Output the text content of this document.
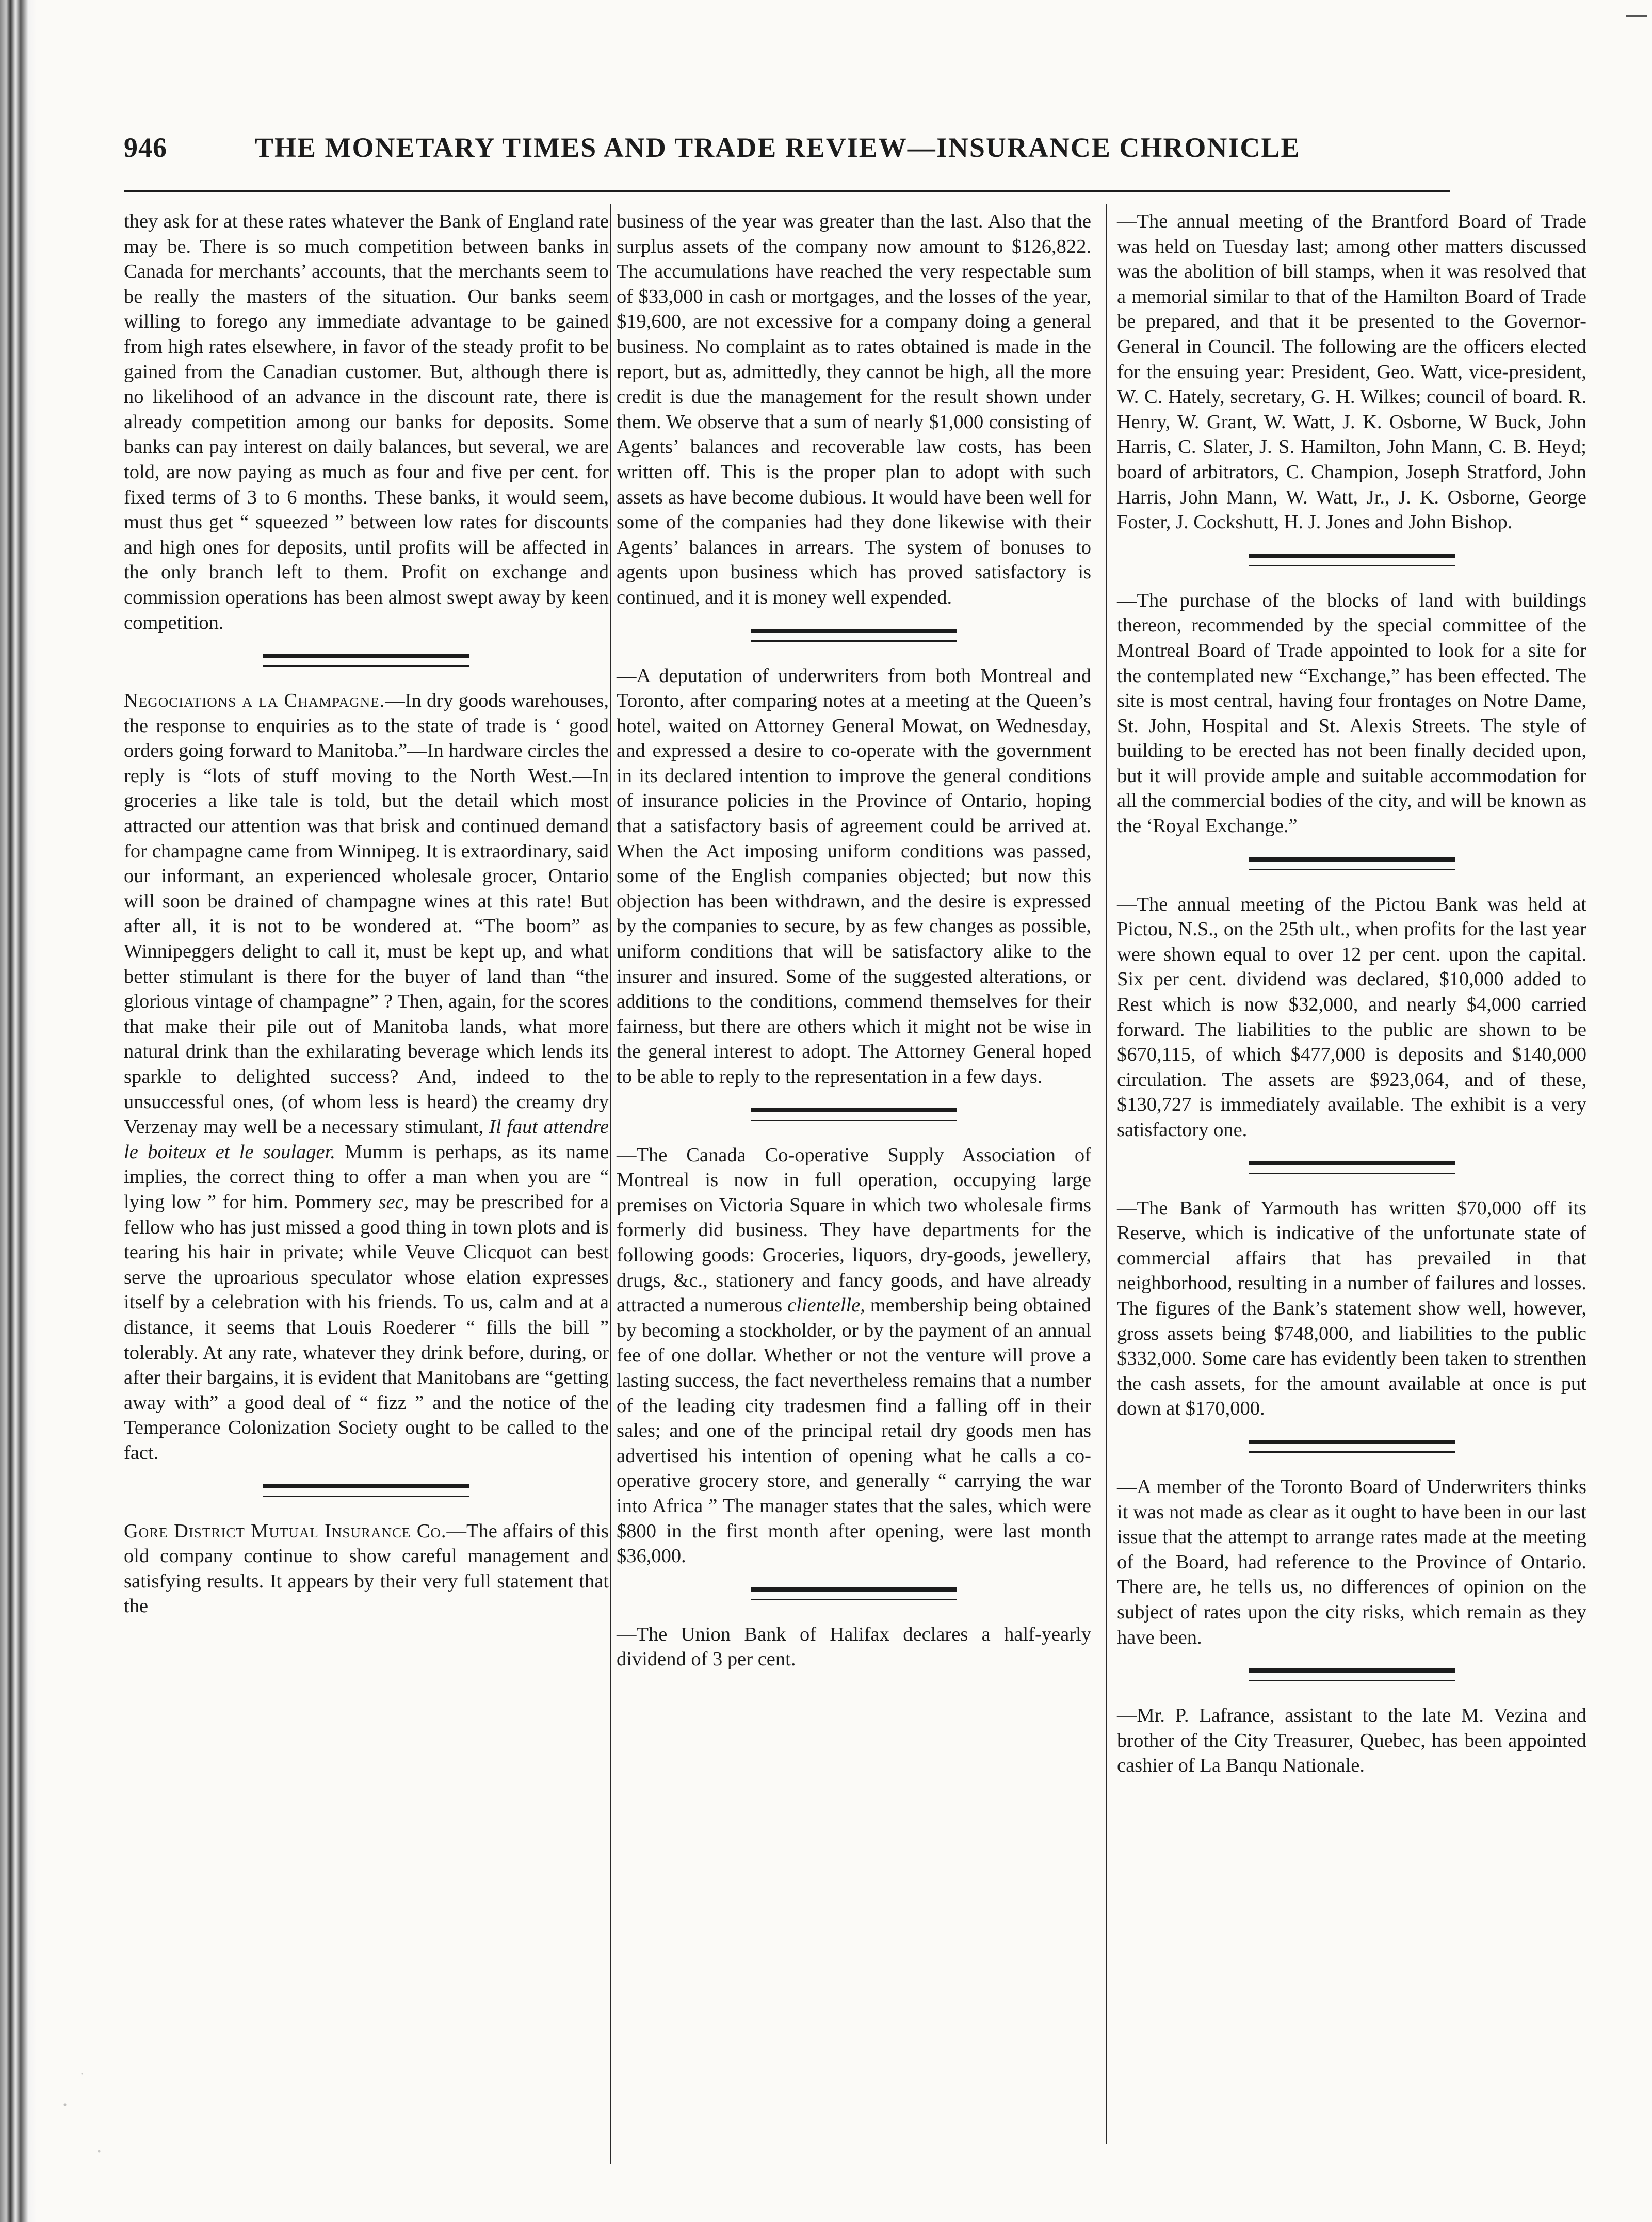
946	THE MONETARY TIMES AND TRADE REVIEW—INSURANCE CHRONICLE

they ask for at these rates whatever the Bank of England rate may be. There is so much competition between banks in Canada for merchants’ accounts, that the merchants seem to be really the masters of the situation. Our banks seem willing to forego any immediate advantage to be gained from high rates elsewhere, in favor of the steady profit to be gained from the Canadian customer. But, although there is no likelihood of an advance in the discount rate, there is already competition among our banks for deposits. Some banks can pay interest on daily balances, but several, we are told, are now paying as much as four and five per cent. for fixed terms of 3 to 6 months. These banks, it would seem, must thus get “ squeezed ” between low rates for discounts and high ones for deposits, until profits will be affected in the only branch left to them. Profit on exchange and commission operations has been almost swept away by keen competition.

Negociations a la Champagne.—In dry goods warehouses, the response to enquiries as to the state of trade is ‘ good orders going forward to Manitoba.”—In hardware circles the reply is “lots of stuff moving to the North West.—In groceries a like tale is told, but the detail which most attracted our attention was that brisk and continued demand for champagne came from Winnipeg. It is extraordinary, said our informant, an experienced wholesale grocer, Ontario will soon be drained of champagne wines at this rate! But after all, it is not to be wondered at. “The boom” as Winnipeggers delight to call it, must be kept up, and what better stimulant is there for the buyer of land than “the glorious vintage of champagne” ? Then, again, for the scores that make their pile out of Manitoba lands, what more natural drink than the exhilarating beverage which lends its sparkle to delighted success? And, indeed to the unsuccessful ones, (of whom less is heard) the creamy dry Verzenay may well be a necessary stimulant, Il faut attendre le boiteux et le soulager. Mumm is perhaps, as its name implies, the correct thing to offer a man when you are “ lying low ” for him. Pommery sec, may be prescribed for a fellow who has just missed a good thing in town plots and is tearing his hair in private; while Veuve Clicquot can best serve the uproarious speculator whose elation expresses itself by a celebration with his friends. To us, calm and at a distance, it seems that Louis Roederer “ fills the bill ” tolerably. At any rate, whatever they drink before, during, or after their bargains, it is evident that Manitobans are “getting away with” a good deal of “ fizz ” and the notice of the Temperance Colonization Society ought to be called to the fact.

Gore District Mutual Insurance Co.—The affairs of this old company continue to show careful management and satisfying results. It appears by their very full statement that the

business of the year was greater than the last. Also that the surplus assets of the company now amount to $126,822. The accumulations have reached the very respectable sum of $33,000 in cash or mortgages, and the losses of the year, $19,600, are not excessive for a company doing a general business. No complaint as to rates obtained is made in the report, but as, admittedly, they cannot be high, all the more credit is due the management for the result shown under them. We observe that a sum of nearly $1,000 consisting of Agents’ balances and recoverable law costs, has been written off. This is the proper plan to adopt with such assets as have become dubious. It would have been well for some of the companies had they done likewise with their Agents’ balances in arrears. The system of bonuses to agents upon business which has proved satisfactory is continued, and it is money well expended.

—A deputation of underwriters from both Montreal and Toronto, after comparing notes at a meeting at the Queen’s hotel, waited on Attorney General Mowat, on Wednesday, and expressed a desire to co-operate with the government in its declared intention to improve the general conditions of insurance policies in the Province of Ontario, hoping that a satisfactory basis of agreement could be arrived at. When the Act imposing uniform conditions was passed, some of the English companies objected; but now this objection has been withdrawn, and the desire is expressed by the companies to secure, by as few changes as possible, uniform conditions that will be satisfactory alike to the insurer and insured. Some of the suggested alterations, or additions to the conditions, commend themselves for their fairness, but there are others which it might not be wise in the general interest to adopt. The Attorney General hoped to be able to reply to the representation in a few days.

—The Canada Co-operative Supply Association of Montreal is now in full operation, occupying large premises on Victoria Square in which two wholesale firms formerly did business. They have departments for the following goods: Groceries, liquors, dry-goods, jewellery, drugs, &c., stationery and fancy goods, and have already attracted a numerous clientelle, membership being obtained by becoming a stockholder, or by the payment of an annual fee of one dollar. Whether or not the venture will prove a lasting success, the fact nevertheless remains that a number of the leading city tradesmen find a falling off in their sales; and one of the principal retail dry goods men has advertised his intention of opening what he calls a co-operative grocery store, and generally “ carrying the war into Africa ” The manager states that the sales, which were $800 in the first month after opening, were last month $36,000.

—The Union Bank of Halifax declares a half-yearly dividend of 3 per cent.

—The annual meeting of the Brantford Board of Trade was held on Tuesday last; among other matters discussed was the abolition of bill stamps, when it was resolved that a memorial similar to that of the Hamilton Board of Trade be prepared, and that it be presented to the Governor-General in Council. The following are the officers elected for the ensuing year: President, Geo. Watt, vice-president, W. C. Hately, secretary, G. H. Wilkes; council of board. R. Henry, W. Grant, W. Watt, J. K. Osborne, W Buck, John Harris, C. Slater, J. S. Hamilton, John Mann, C. B. Heyd; board of arbitrators, C. Champion, Joseph Stratford, John Harris, John Mann, W. Watt, Jr., J. K. Osborne, George Foster, J. Cockshutt, H. J. Jones and John Bishop.

—The purchase of the blocks of land with buildings thereon, recommended by the special committee of the Montreal Board of Trade appointed to look for a site for the contemplated new “Exchange,” has been effected. The site is most central, having four frontages on Notre Dame, St. John, Hospital and St. Alexis Streets. The style of building to be erected has not been finally decided upon, but it will provide ample and suitable accommodation for all the commercial bodies of the city, and will be known as the ‘Royal Exchange.”

—The annual meeting of the Pictou Bank was held at Pictou, N.S., on the 25th ult., when profits for the last year were shown equal to over 12 per cent. upon the capital. Six per cent. dividend was declared, $10,000 added to Rest which is now $32,000, and nearly $4,000 carried forward. The liabilities to the public are shown to be $670,115, of which $477,000 is deposits and $140,000 circulation. The assets are $923,064, and of these, $130,727 is immediately available. The exhibit is a very satisfactory one.

—The Bank of Yarmouth has written $70,000 off its Reserve, which is indicative of the unfortunate state of commercial affairs that has prevailed in that neighborhood, resulting in a number of failures and losses. The figures of the Bank’s statement show well, however, gross assets being $748,000, and liabilities to the public $332,000. Some care has evidently been taken to strenthen the cash assets, for the amount available at once is put down at $170,000.

—A member of the Toronto Board of Underwriters thinks it was not made as clear as it ought to have been in our last issue that the attempt to arrange rates made at the meeting of the Board, had reference to the Province of Ontario. There are, he tells us, no differences of opinion on the subject of rates upon the city risks, which remain as they have been.

—Mr. P. Lafrance, assistant to the late M. Vezina and brother of the City Treasurer, Quebec, has been appointed cashier of La Banqu Nationale.
